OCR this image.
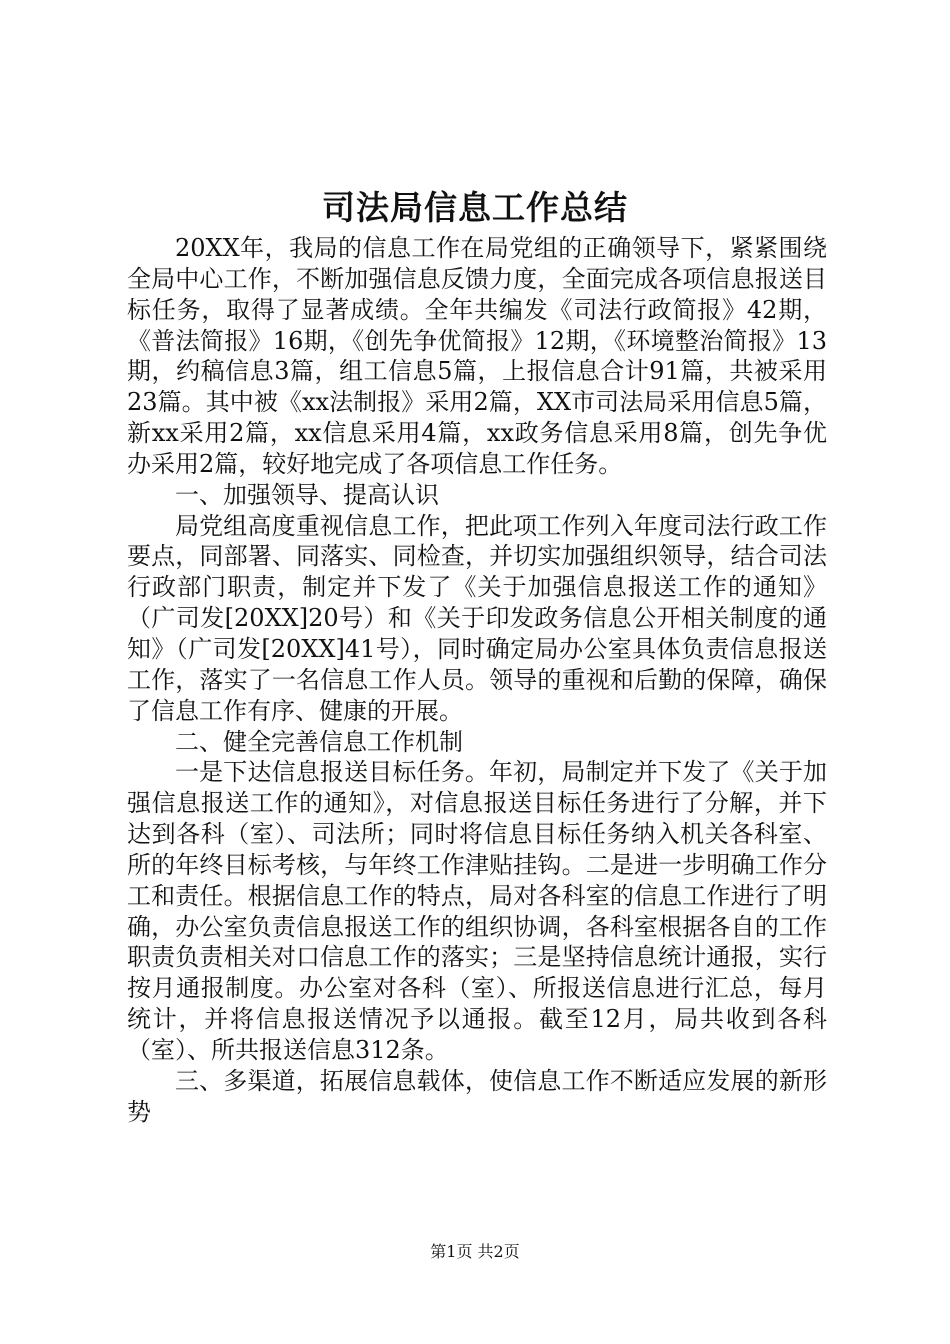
司法局信息工作总结

20XX年，我局的信息工作在局党组的正确领导下，紧紧围绕全局中心工作，不断加强信息反馈力度，全面完成各项信息报送目标任务，取得了显著成绩。全年共编发《司法行政简报》42期，《普法简报》16期，《创先争优简报》12期，《环境整治简报》13期，约稿信息3篇，组工信息5篇，上报信息合计91篇，共被采用23篇。其中被《xx法制报》采用2篇，XX市司法局采用信息5篇，新xx采用2篇，xx信息采用4篇，xx政务信息采用8篇，创先争优办采用2篇，较好地完成了各项信息工作任务。

一、加强领导、提高认识

局党组高度重视信息工作，把此项工作列入年度司法行政工作要点，同部署、同落实、同检查，并切实加强组织领导，结合司法行政部门职责，制定并下发了《关于加强信息报送工作的通知》（广司发[20XX]20号）和《关于印发政务信息公开相关制度的通知》（广司发[20XX]41号），同时确定局办公室具体负责信息报送工作，落实了一名信息工作人员。领导的重视和后勤的保障，确保了信息工作有序、健康的开展。

二、健全完善信息工作机制

一是下达信息报送目标任务。年初，局制定并下发了《关于加强信息报送工作的通知》，对信息报送目标任务进行了分解，并下达到各科（室）、司法所；同时将信息目标任务纳入机关各科室、所的年终目标考核，与年终工作津贴挂钩。二是进一步明确工作分工和责任。根据信息工作的特点，局对各科室的信息工作进行了明确，办公室负责信息报送工作的组织协调，各科室根据各自的工作职责负责相关对口信息工作的落实；三是坚持信息统计通报，实行按月通报制度。办公室对各科（室）、所报送信息进行汇总，每月统计，并将信息报送情况予以通报。截至12月，局共收到各科（室）、所共报送信息312条。

三、多渠道，拓展信息载体，使信息工作不断适应发展的新形势

第1页 共2页
